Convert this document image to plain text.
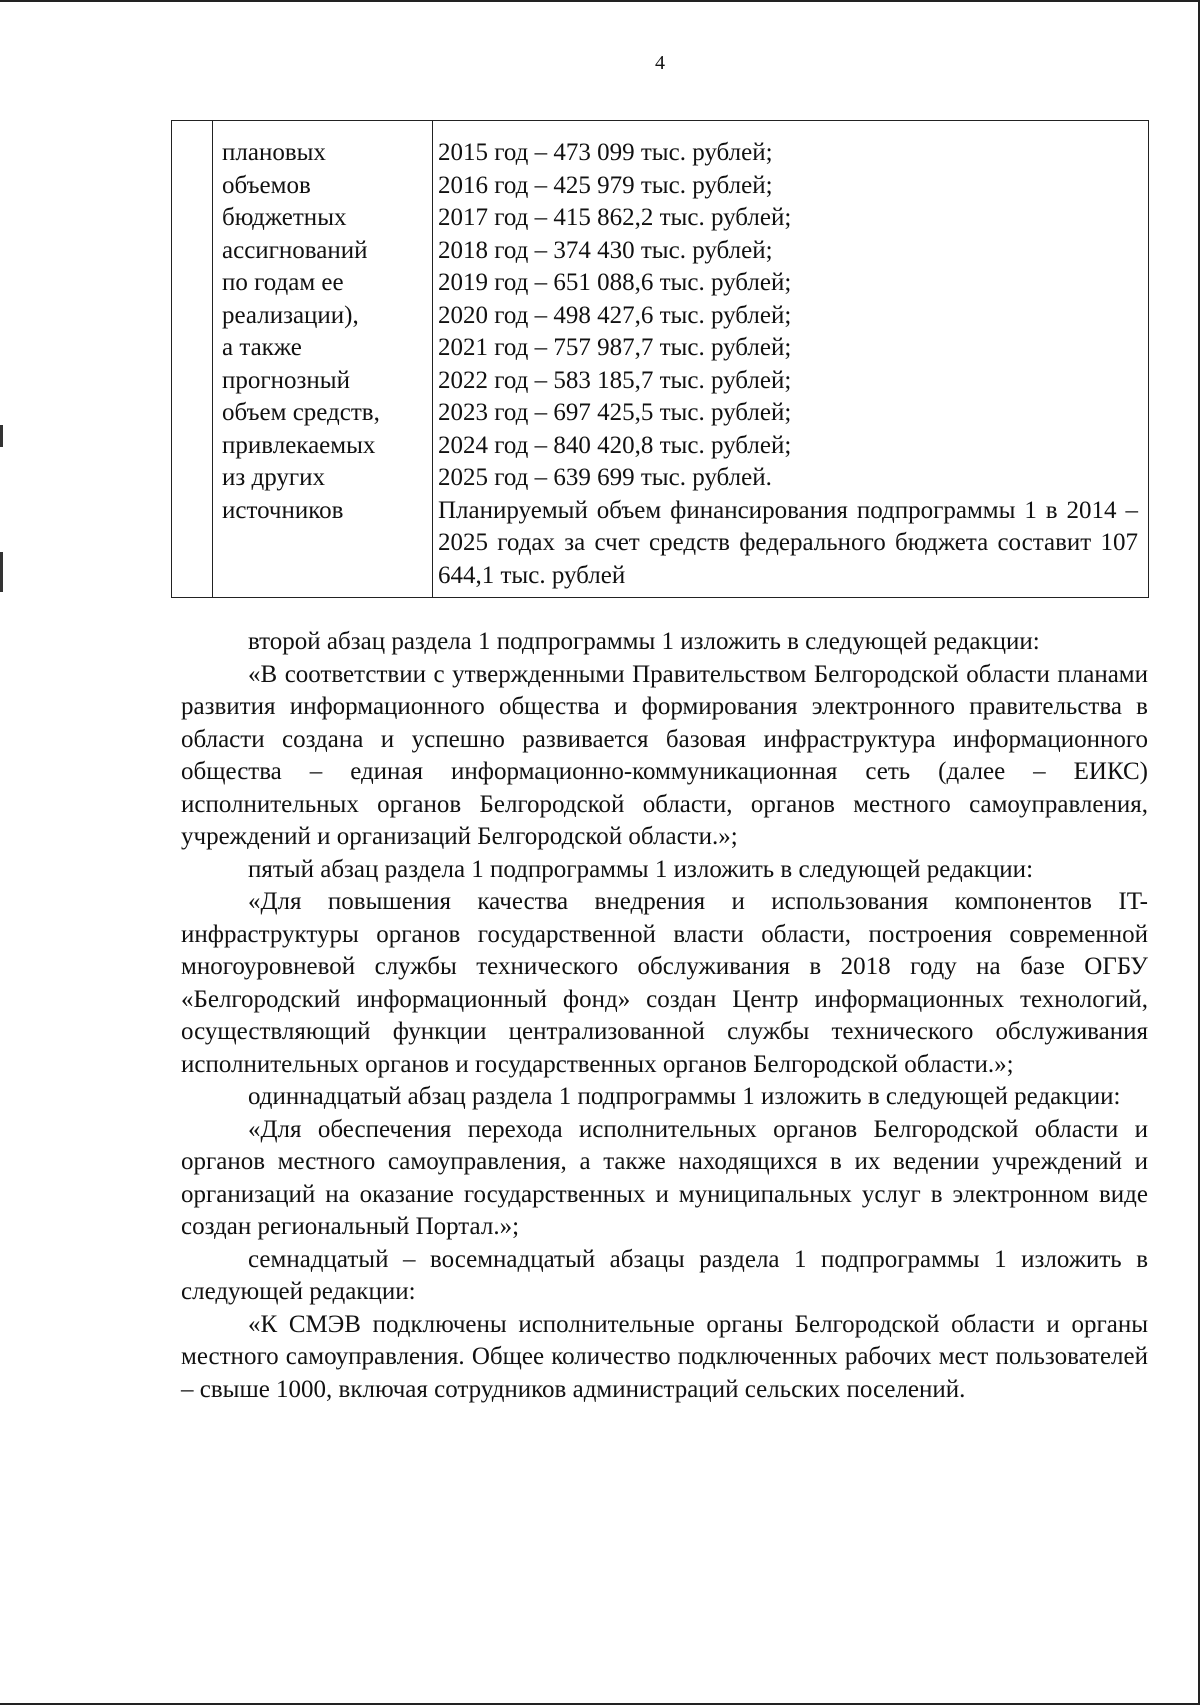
4
плановых
объемов
бюджетных
ассигнований
по годам ее
реализации),
а также
прогнозный
объем средств,
привлекаемых
из других
источников
2015 год – 473 099 тыс. рублей;
2016 год – 425 979 тыс. рублей;
2017 год – 415 862,2 тыс. рублей;
2018 год – 374 430 тыс. рублей;
2019 год – 651 088,6 тыс. рублей;
2020 год – 498 427,6 тыс. рублей;
2021 год – 757 987,7 тыс. рублей;
2022 год – 583 185,7 тыс. рублей;
2023 год – 697 425,5 тыс. рублей;
2024 год – 840 420,8 тыс. рублей;
2025 год – 639 699 тыс. рублей.
Планируемый объем финансирования подпрограммы 1 в 2014 – 2025 годах за счет средств федерального бюджета составит 107 644,1 тыс. рублей

второй абзац раздела 1 подпрограммы 1 изложить в следующей редакции:

«В соответствии с утвержденными Правительством Белгородской области планами развития информационного общества и формирования электронного правительства в области создана и успешно развивается базовая инфраструктура информационного общества – единая информационно-коммуникационная сеть (далее – ЕИКС) исполнительных органов Белгородской области, органов местного самоуправления, учреждений и организаций Белгородской области.»;

пятый абзац раздела 1 подпрограммы 1 изложить в следующей редакции:

«Для повышения качества внедрения и использования компонентов IT-инфраструктуры органов государственной власти области, построения современной многоуровневой службы технического обслуживания в 2018 году на базе ОГБУ «Белгородский информационный фонд» создан Центр информационных технологий, осуществляющий функции централизованной службы технического обслуживания исполнительных органов и государственных органов Белгородской области.»;

одиннадцатый абзац раздела 1 подпрограммы 1 изложить в следующей редакции:

«Для обеспечения перехода исполнительных органов Белгородской области и органов местного самоуправления, а также находящихся в их ведении учреждений и организаций на оказание государственных и муниципальных услуг в электронном виде создан региональный Портал.»;

семнадцатый – восемнадцатый абзацы раздела 1 подпрограммы 1 изложить в следующей редакции:

«К СМЭВ подключены исполнительные органы Белгородской области и органы местного самоуправления. Общее количество подключенных рабочих мест пользователей – свыше 1000, включая сотрудников администраций сельских поселений.
